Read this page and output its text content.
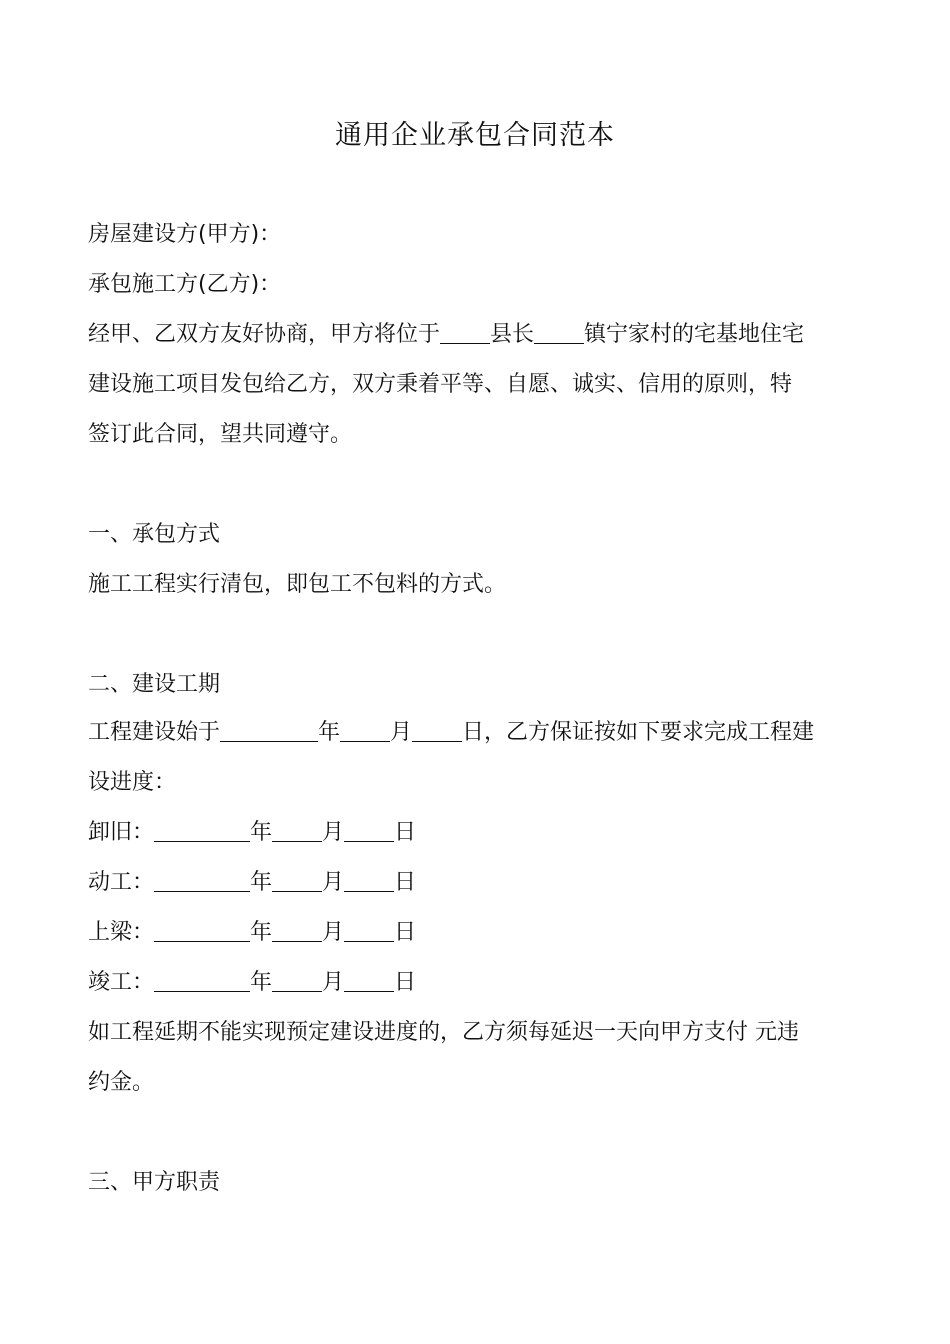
通用企业承包合同范本
房屋建设方(甲方)：
承包施工方(乙方)：
经甲、乙双方友好协商，甲方将位于 县长 镇宁家村的宅基地住宅
建设施工项目发包给乙方，双方秉着平等、自愿、诚实、信用的原则，特
签订此合同，望共同遵守。
一、承包方式
施工工程实行清包，即包工不包料的方式。
二、建设工期
工程建设始于	年 月 日，乙方保证按如下要求完成工程建
设进度：
卸旧：	年 月 日
动工：	年 月 日
上梁：	年 月 日
竣工：	年 月 日
如工程延期不能实现预定建设进度的，乙方须每延迟一天向甲方支付 元违
约金。
三、甲方职责
